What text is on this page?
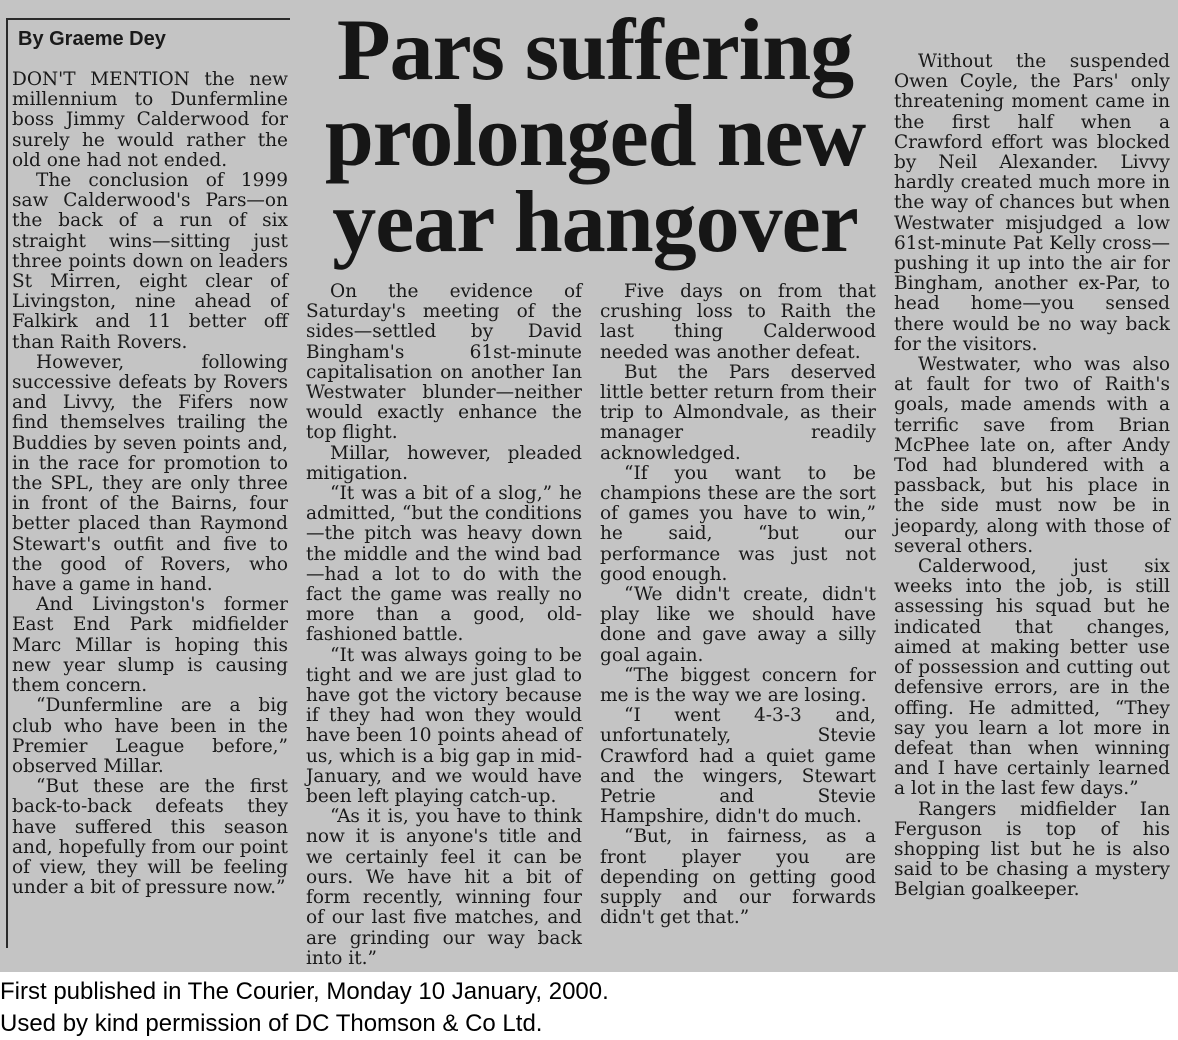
Pars suffering prolonged new year hangover
By Graeme Dey

DON'T MENTION the new millennium to Dunfermline boss Jimmy Calderwood for surely he would rather the old one had not ended.

The conclusion of 1999 saw Calderwood's Pars—on the back of a run of six straight wins—sitting just three points down on leaders St Mirren, eight clear of Livingston, nine ahead of Falkirk and 11 better off than Raith Rovers.

However, following successive defeats by Rovers and Livvy, the Fifers now find themselves trailing the Buddies by seven points and, in the race for promotion to the SPL, they are only three in front of the Bairns, four better placed than Raymond Stewart's outfit and five to the good of Rovers, who have a game in hand.

And Livingston's former East End Park midfielder Marc Millar is hoping this new year slump is causing them concern.

“Dunfermline are a big club who have been in the Premier League before,” observed Millar.

“But these are the first back-to-back defeats they have suffered this season and, hopefully from our point of view, they will be feeling under a bit of pressure now.”

On the evidence of Saturday's meeting of the sides—settled by David Bingham's 61st-minute capitalisation on another Ian Westwater blunder—neither would exactly enhance the top flight.

Millar, however, pleaded mitigation.

“It was a bit of a slog,” he admitted, “but the conditions—the pitch was heavy down the middle and the wind bad—had a lot to do with the fact the game was really no more than a good, old-fashioned battle.

“It was always going to be tight and we are just glad to have got the victory because if they had won they would have been 10 points ahead of us, which is a big gap in mid-January, and we would have been left playing catch-up.

“As it is, you have to think now it is anyone's title and we certainly feel it can be ours. We have hit a bit of form recently, winning four of our last five matches, and are grinding our way back into it.”

Five days on from that crushing loss to Raith the last thing Calderwood needed was another defeat.

But the Pars deserved little better return from their trip to Almondvale, as their manager readily acknowledged.

“If you want to be champions these are the sort of games you have to win,” he said, “but our performance was just not good enough.

“We didn't create, didn't play like we should have done and gave away a silly goal again.

“The biggest concern for me is the way we are losing.

“I went 4-3-3 and, unfortunately, Stevie Crawford had a quiet game and the wingers, Stewart Petrie and Stevie Hampshire, didn't do much.

“But, in fairness, as a front player you are depending on getting good supply and our forwards didn't get that.”

Without the suspended Owen Coyle, the Pars' only threatening moment came in the first half when a Crawford effort was blocked by Neil Alexander. Livvy hardly created much more in the way of chances but when Westwater misjudged a low 61st-minute Pat Kelly cross—pushing it up into the air for Bingham, another ex-Par, to head home—you sensed there would be no way back for the visitors.

Westwater, who was also at fault for two of Raith's goals, made amends with a terrific save from Brian McPhee late on, after Andy Tod had blundered with a passback, but his place in the side must now be in jeopardy, along with those of several others.

Calderwood, just six weeks into the job, is still assessing his squad but he indicated that changes, aimed at making better use of possession and cutting out defensive errors, are in the offing. He admitted, “They say you learn a lot more in defeat than when winning and I have certainly learned a lot in the last few days.”

Rangers midfielder Ian Ferguson is top of his shopping list but he is also said to be chasing a mystery Belgian goalkeeper.

First published in The Courier, Monday 10 January, 2000.
Used by kind permission of DC Thomson & Co Ltd.
